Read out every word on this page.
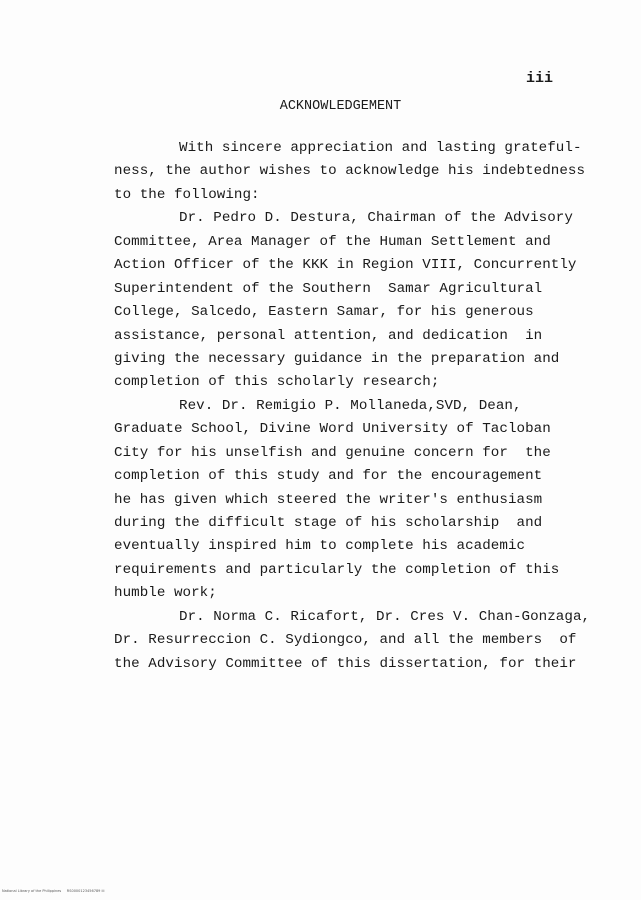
iii
ACKNOWLEDGEMENT
With sincere appreciation and lasting grateful-
ness, the author wishes to acknowledge his indebtedness
to the following:
Dr. Pedro D. Destura, Chairman of the Advisory
Committee, Area Manager of the Human Settlement and
Action Officer of the KKK in Region VIII, Concurrently
Superintendent of the Southern  Samar Agricultural
College, Salcedo, Eastern Samar, for his generous
assistance, personal attention, and dedication  in
giving the necessary guidance in the preparation and
completion of this scholarly research;
Rev. Dr. Remigio P. Mollaneda,SVD, Dean,
Graduate School, Divine Word University of Tacloban
City for his unselfish and genuine concern for  the
completion of this study and for the encouragement
he has given which steered the writer's enthusiasm
during the difficult stage of his scholarship  and
eventually inspired him to complete his academic
requirements and particularly the completion of this
humble work;
Dr. Norma C. Ricafort, Dr. Cres V. Chan-Gonzaga,
Dr. Resurreccion C. Sydiongco, and all the members  of
the Advisory Committee of this dissertation, for their
National Library of the Philippines     RS0000123456789 iii
